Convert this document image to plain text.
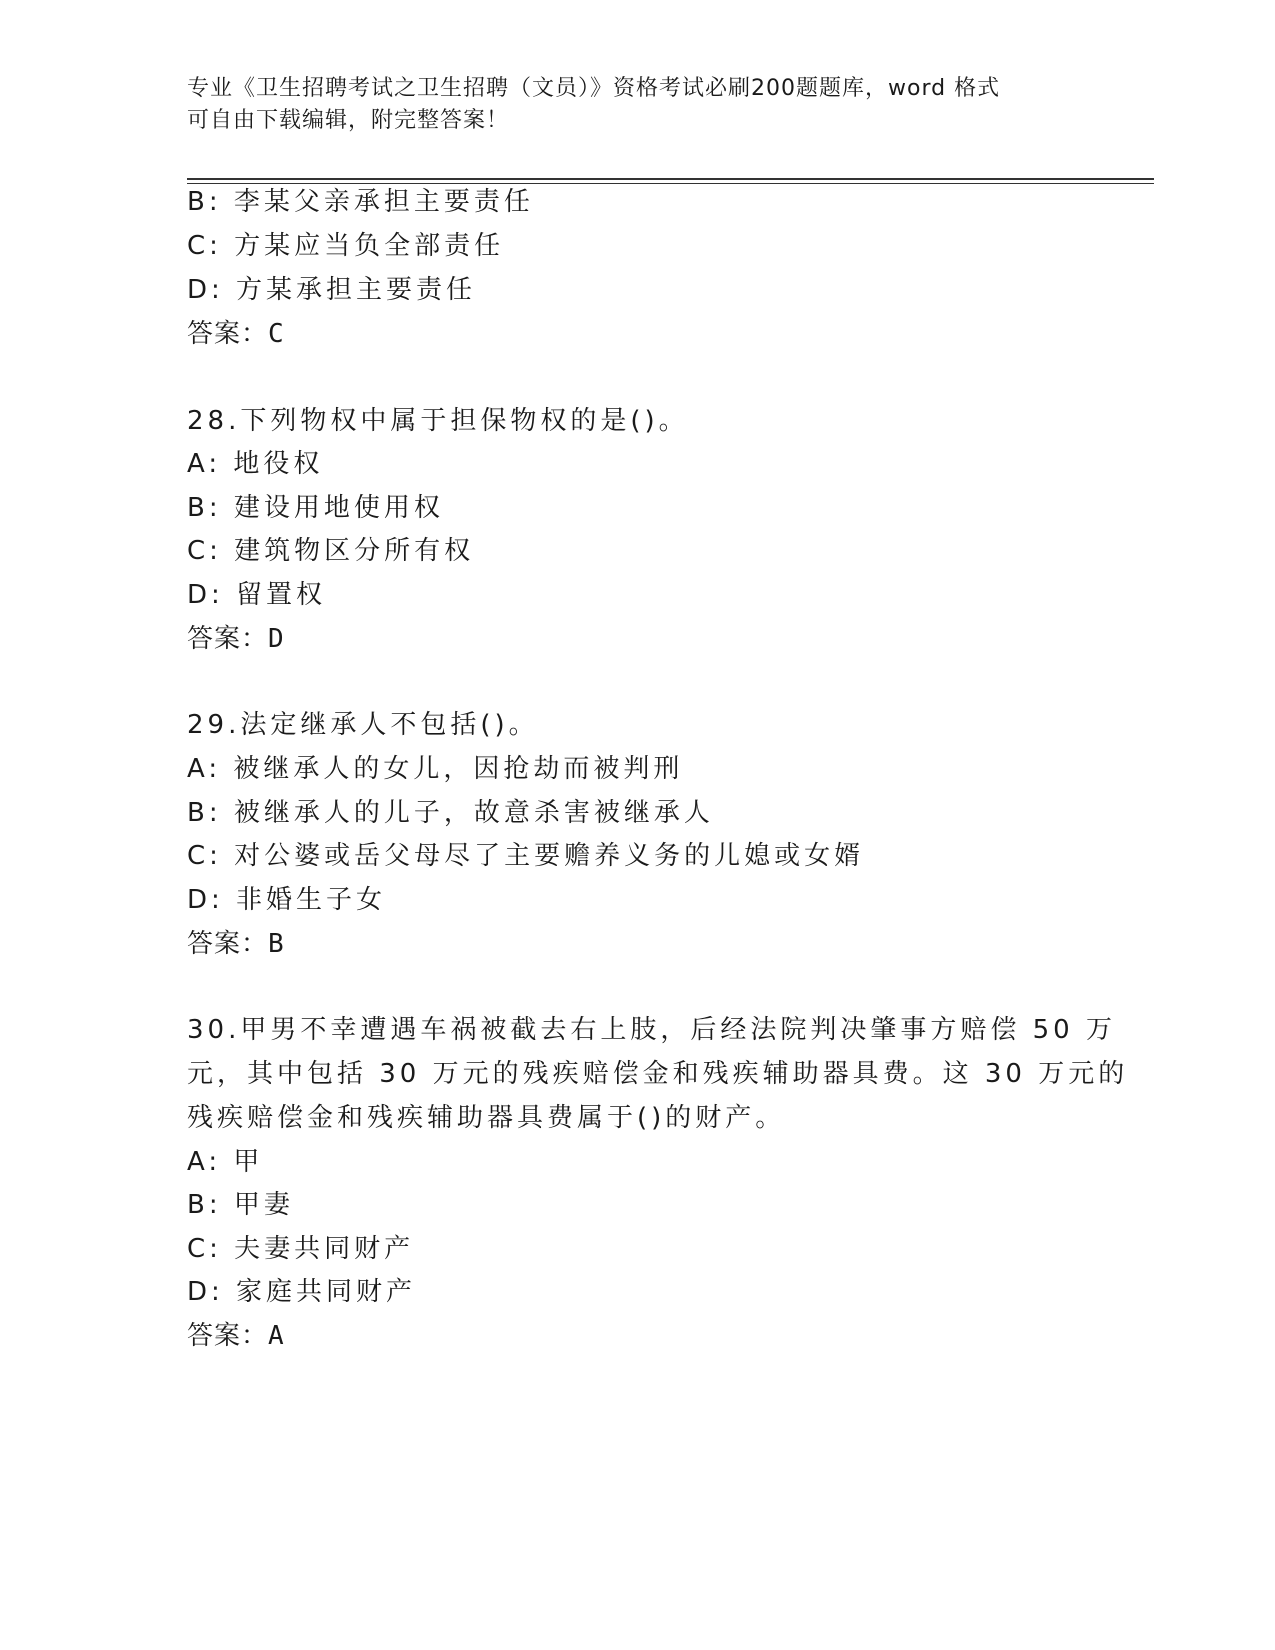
专业《卫生招聘考试之卫生招聘（文员）》资格考试必刷200题题库，word 格式
可自由下载编辑，附完整答案！
B: 李某父亲承担主要责任
C: 方某应当负全部责任
D: 方某承担主要责任
答案：C
28.下列物权中属于担保物权的是()。
A: 地役权
B: 建设用地使用权
C: 建筑物区分所有权
D: 留置权
答案：D
29.法定继承人不包括()。
A: 被继承人的女儿，因抢劫而被判刑
B: 被继承人的儿子，故意杀害被继承人
C: 对公婆或岳父母尽了主要赡养义务的儿媳或女婿
D: 非婚生子女
答案：B
30.甲男不幸遭遇车祸被截去右上肢，后经法院判决肇事方赔偿 50 万
元，其中包括 30 万元的残疾赔偿金和残疾辅助器具费。这 30 万元的
残疾赔偿金和残疾辅助器具费属于()的财产。
A: 甲
B: 甲妻
C: 夫妻共同财产
D: 家庭共同财产
答案：A
